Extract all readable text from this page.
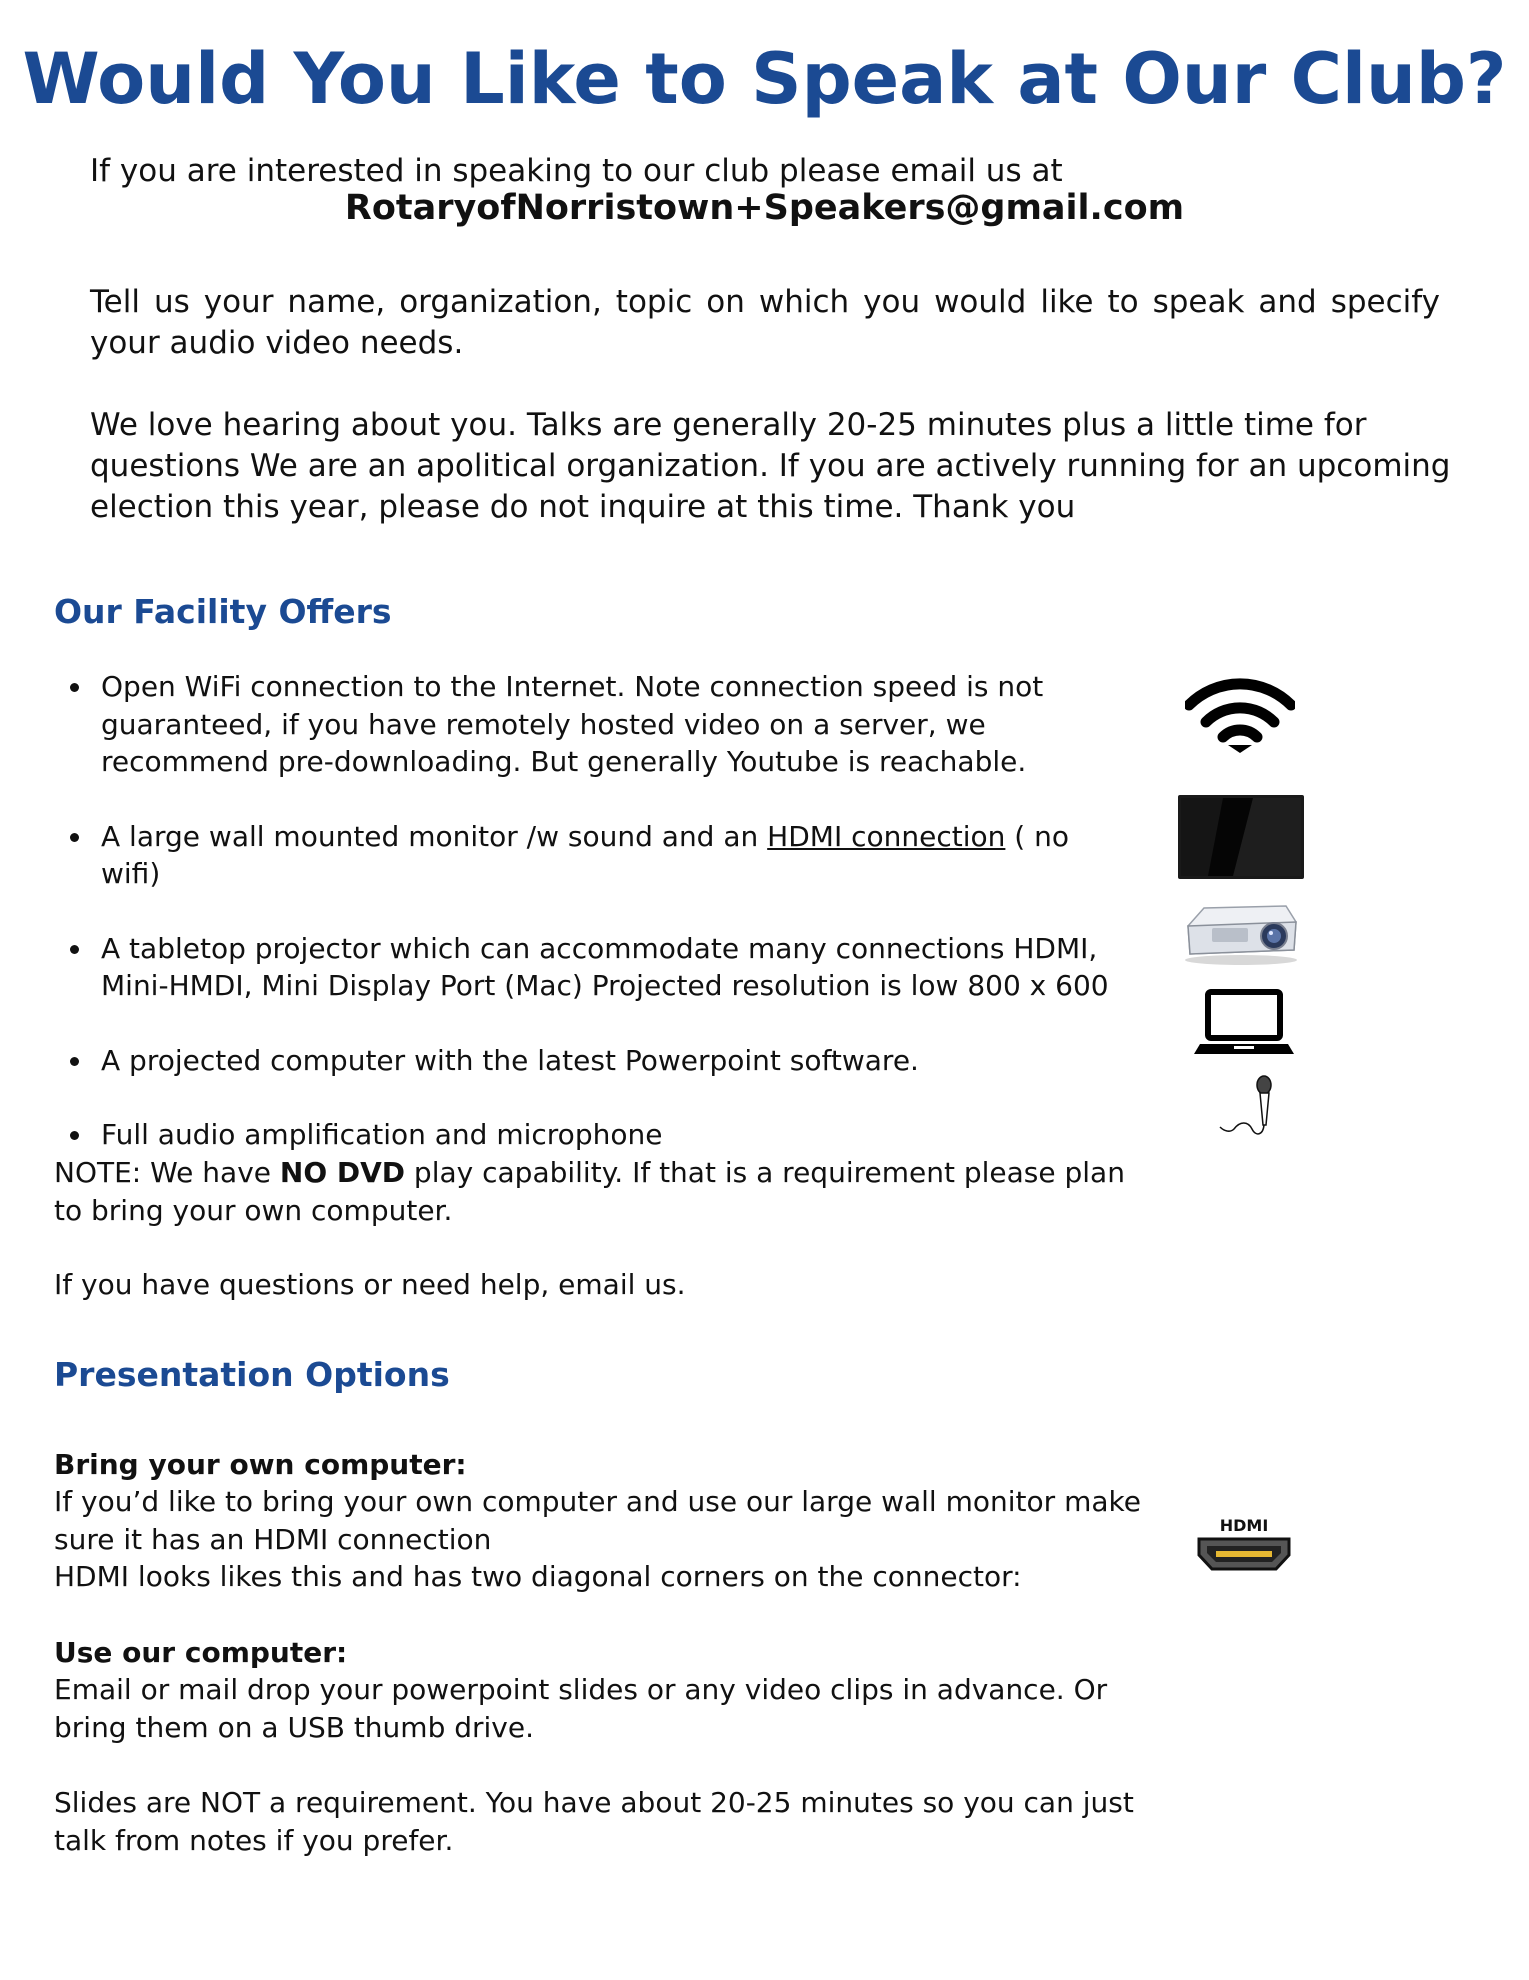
Would You Like to Speak at Our Club?

If you are interested in speaking to our club please email us at

RotaryofNorristown+Speakers@gmail.com

Tell us your name, organization, topic on which you would like to speak and specify your audio video needs.

We love hearing about you. Talks are generally 20-25 minutes plus a little time for questions We are an apolitical organization. If you are actively running for an upcoming election this year, please do not inquire at this time. Thank you

Our Facility Offers
Open WiFi connection to the Internet. Note connection speed is not guaranteed, if you have remotely hosted video on a server, we recommend pre-downloading. But generally Youtube is reachable.
A large wall mounted monitor /w sound and an HDMI connection ( no wifi)
A tabletop projector which can accommodate many connections HDMI, Mini-HMDI, Mini Display Port (Mac) Projected resolution is low 800 x 600
A projected computer with the latest Powerpoint software.
Full audio amplification and microphone

NOTE: We have NO DVD play capability. If that is a requirement please plan to bring your own computer.

If you have questions or need help, email us.

Presentation Options

Bring your own computer:

If you’d like to bring your own computer and use our large wall monitor make sure it has an HDMI connection

HDMI looks likes this and has two diagonal corners on the connector:

Use our computer:

Email or mail drop your powerpoint slides or any video clips in advance. Or bring them on a USB thumb drive.

Slides are NOT a requirement. You have about 20-25 minutes so you can just talk from notes if you prefer.

HDMI
